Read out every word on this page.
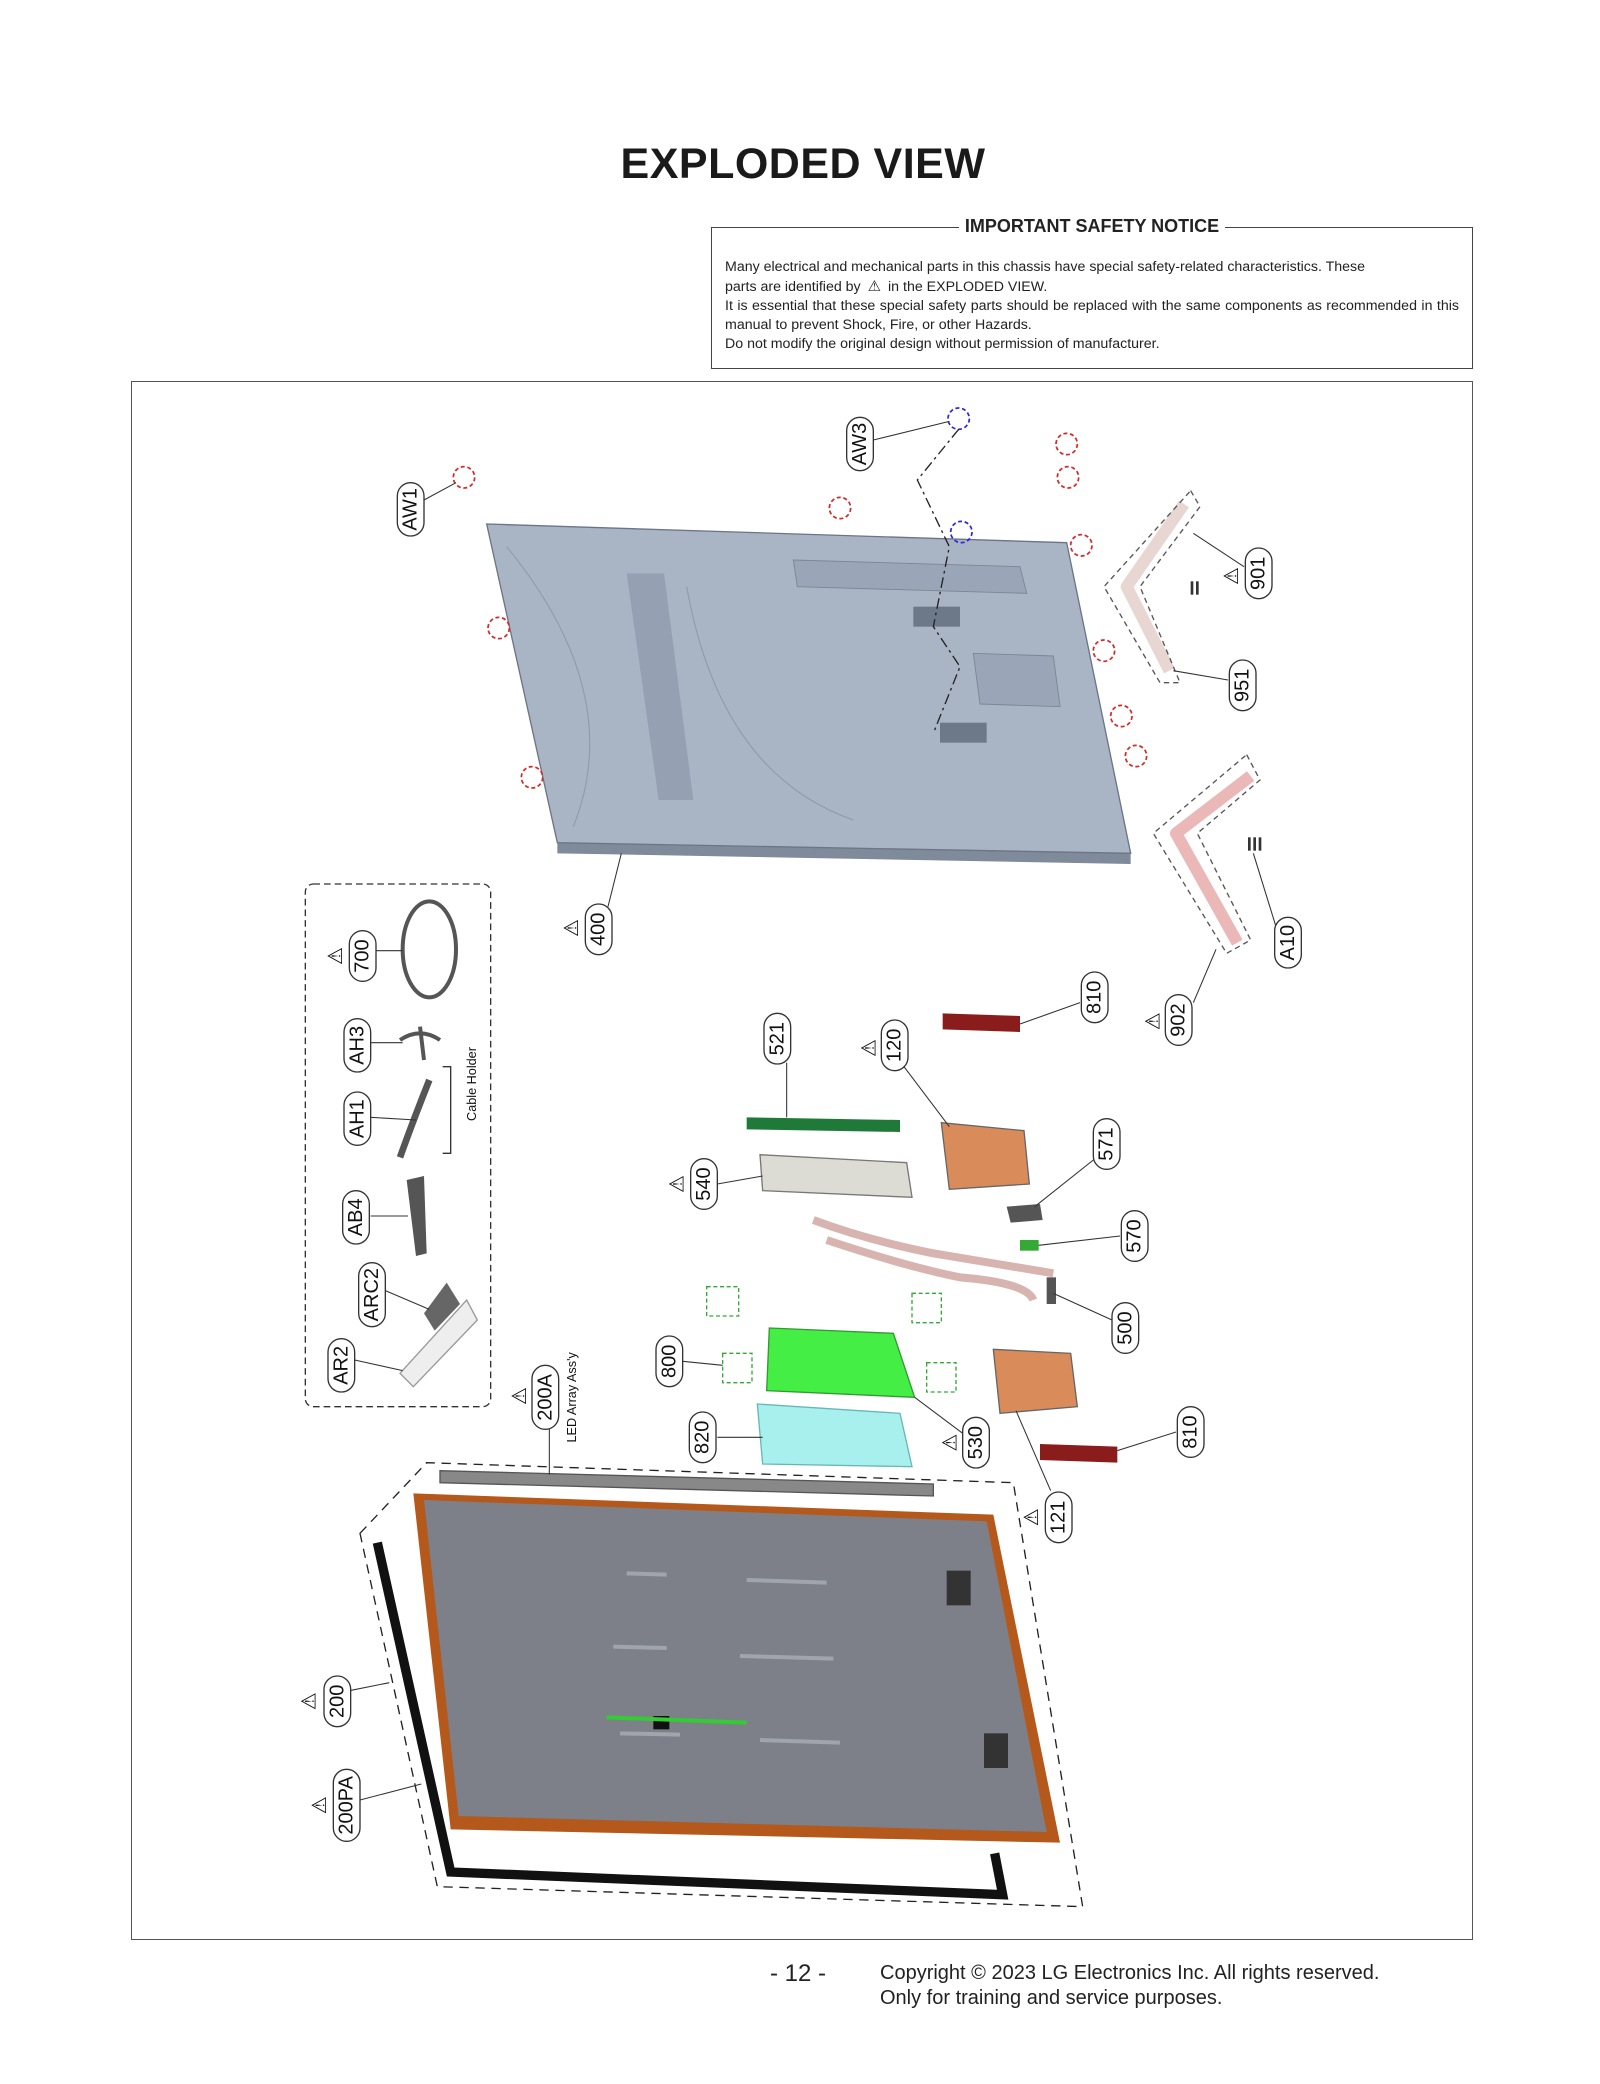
EXPLODED VIEW
IMPORTANT SAFETY NOTICE

Many electrical and mechanical parts in this chassis have special safety-related characteristics. These

parts are identified by ⚠ in the EXPLODED VIEW.

It is essential that these special safety parts should be replaced with the same components as recommended in this manual to prevent Shock, Fire, or other Hazards.

Do not modify the original design without permission of manufacturer.

Cable Holder
LED Array Ass'y
AW1
AW3
901
951
A10
902
810
400
120
521
571
540
570
500
800
820	530
200A
810
121
200
200PA
700
AH3
AH1
AB4
ARC2
AR2
⚠
⚠
⚠
⚠
⚠
⚠
⚠
⚠
⚠
⚠
⚠
- 12 -	Copyright © 2023 LG Electronics Inc. All rights reserved.
Only for training and service purposes.
